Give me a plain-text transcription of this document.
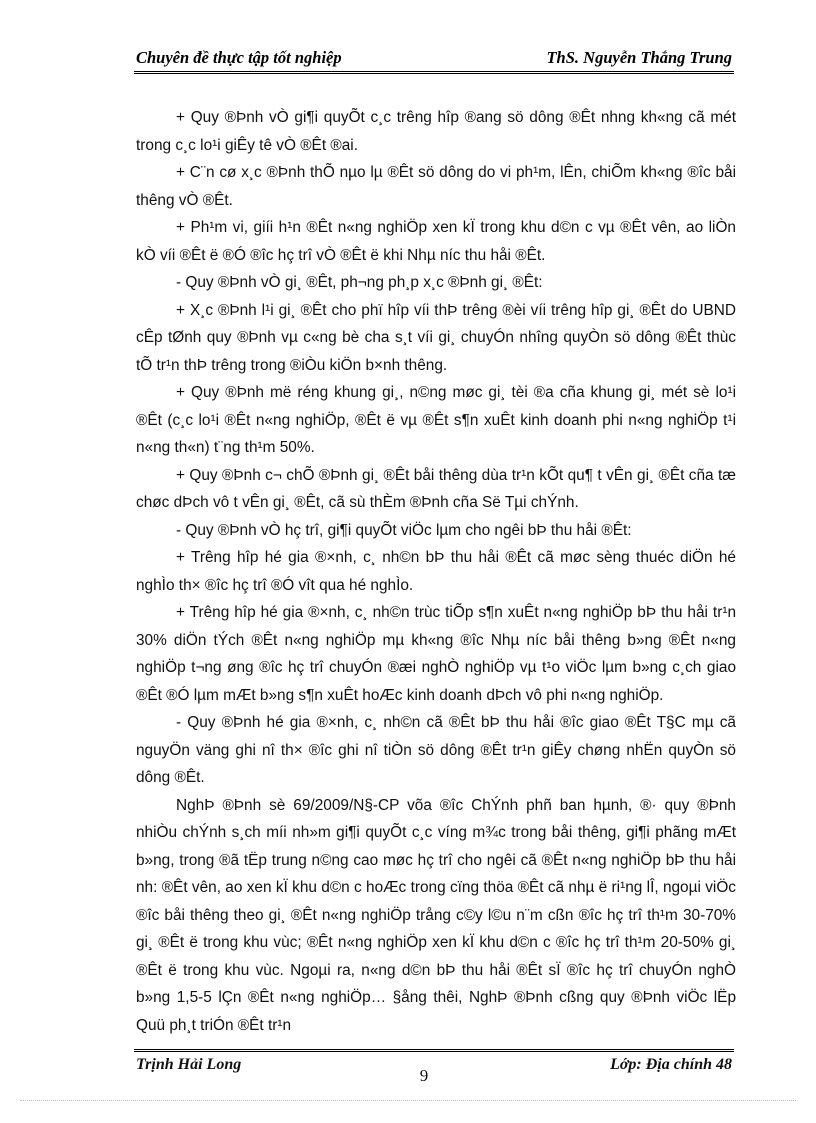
Chuyên đề thực tập tốt nghiệp	ThS. Nguyễn Thắng Trung

+ Quy ®Þnh vÒ gi¶i quyÕt c¸c trêng hîp ®ang sö dông ®Êt nhng kh«ng cã mét trong c¸c lo¹i giÊy tê vÒ ®Êt ®ai.

+ C¨n cø x¸c ®Þnh thÕ nµo lµ ®Êt sö dông do vi ph¹m, lÊn, chiÕm kh«ng ®îc båi thêng vÒ ®Êt.

+ Ph¹m vi, giíi h¹n ®Êt n«ng nghiÖp xen kÏ trong khu d©n c vµ ®Êt vên, ao liÒn kÒ víi ®Êt ë ®Ó ®îc hç trî vÒ ®Êt ë khi Nhµ níc thu håi ®Êt.

- Quy ®Þnh vÒ gi¸ ®Êt, ph¬ng ph¸p x¸c ®Þnh gi¸ ®Êt:

+ X¸c ®Þnh l¹i gi¸ ®Êt cho phï hîp víi thÞ trêng ®èi víi trêng hîp gi¸ ®Êt do UBND cÊp tØnh quy ®Þnh vµ c«ng bè cha s¸t víi gi¸ chuyÓn nhîng quyÒn sö dông ®Êt thùc tÕ tr¹n thÞ trêng trong ®iÒu kiÖn b×nh thêng.

+ Quy ®Þnh më réng khung gi¸, n©ng møc gi¸ tèi ®a cña khung gi¸ mét sè lo¹i ®Êt (c¸c lo¹i ®Êt n«ng nghiÖp, ®Êt ë vµ ®Êt s¶n xuÊt kinh doanh phi n«ng nghiÖp t¹i n«ng th«n) t¨ng th¹m 50%.

+ Quy ®Þnh c¬ chÕ ®Þnh gi¸ ®Êt båi thêng dùa tr¹n kÕt qu¶ t vÊn gi¸ ®Êt cña tæ chøc dÞch vô t vÊn gi¸ ®Êt, cã sù thÈm ®Þnh cña Së Tµi chÝnh.

- Quy ®Þnh vÒ hç trî, gi¶i quyÕt viÖc lµm cho ngêi bÞ thu håi ®Êt:

+ Trêng hîp hé gia ®×nh, c¸ nh©n bÞ thu håi ®Êt cã møc sèng thuéc diÖn hé nghÌo th× ®îc hç trî ®Ó vît qua hé nghÌo.

+ Trêng hîp hé gia ®×nh, c¸ nh©n trùc tiÕp s¶n xuÊt n«ng nghiÖp bÞ thu håi tr¹n 30% diÖn tÝch ®Êt n«ng nghiÖp mµ kh«ng ®îc Nhµ níc båi thêng b»ng ®Êt n«ng nghiÖp t¬ng øng ®îc hç trî chuyÓn ®æi nghÒ nghiÖp vµ t¹o viÖc lµm b»ng c¸ch giao ®Êt ®Ó lµm mÆt b»ng s¶n xuÊt hoÆc kinh doanh dÞch vô phi n«ng nghiÖp.

- Quy ®Þnh hé gia ®×nh, c¸ nh©n cã ®Êt bÞ thu håi ®îc giao ®Êt T§C mµ cã nguyÖn väng ghi nî th× ®îc ghi nî tiÒn sö dông ®Êt tr¹n giÊy chøng nhËn quyÒn sö dông ®Êt.

NghÞ ®Þnh sè 69/2009/N§-CP võa ®îc ChÝnh phñ ban hµnh, ®· quy ®Þnh nhiÒu chÝnh s¸ch míi nh»m gi¶i quyÕt c¸c víng m¾c trong båi thêng, gi¶i phãng mÆt b»ng, trong ®ã tËp trung n©ng cao møc hç trî cho ngêi cã ®Êt n«ng nghiÖp bÞ thu håi nh: ®Êt vên, ao xen kÏ khu d©n c hoÆc trong cïng thöa ®Êt cã nhµ ë ri¹ng lÎ, ngoµi viÖc ®îc båi thêng theo gi¸ ®Êt n«ng nghiÖp trång c©y l©u n¨m cßn ®îc hç trî th¹m 30-70% gi¸ ®Êt ë trong khu vùc; ®Êt n«ng nghiÖp xen kÏ khu d©n c ®îc hç trî th¹m 20-50% gi¸ ®Êt ë trong khu vùc. Ngoµi ra, n«ng d©n bÞ thu håi ®Êt sÏ ®îc hç trî chuyÓn nghÒ b»ng 1,5-5 lÇn ®Êt n«ng nghiÖp… §ång thêi, NghÞ ®Þnh cßng quy ®Þnh viÖc lËp Quü ph¸t triÓn ®Êt tr¹n

Trịnh Hải Long	Lớp: Địa chính 48
9
